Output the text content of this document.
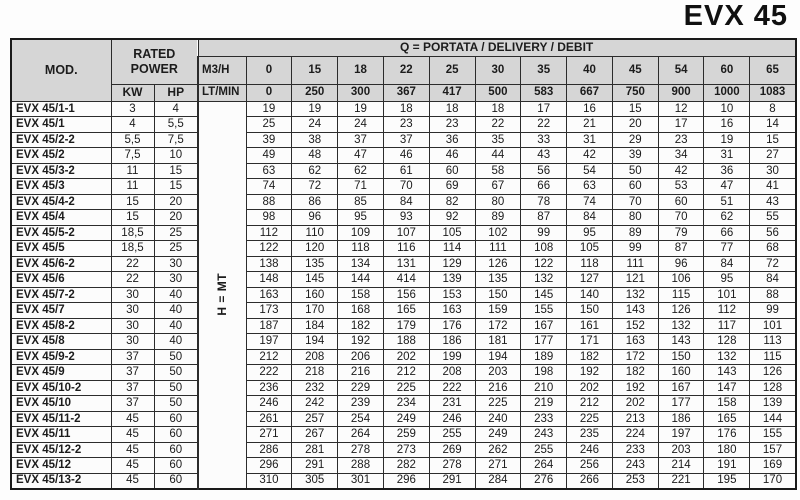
EVX 45
MOD.	RATED POWER		Q = PORTATA / DELIVERY / DEBIT												
			M3/H	0	15	18	22	25	30	35	40	45	54	60	65
	KW	HP	LT/MIN	0	250	300	367	417	500	583	667	750	900	1000	1083
EVX 45/1-1	3	4	H = MT	19	19	19	18	18	18	17	16	15	12	10	8
EVX 45/1	4	5,5		25	24	24	23	23	22	22	21	20	17	16	14
EVX 45/2-2	5,5	7,5		39	38	37	37	36	35	33	31	29	23	19	15
EVX 45/2	7,5	10		49	48	47	46	46	44	43	42	39	34	31	27
EVX 45/3-2	11	15		63	62	62	61	60	58	56	54	50	42	36	30
EVX 45/3	11	15		74	72	71	70	69	67	66	63	60	53	47	41
EVX 45/4-2	15	20		88	86	85	84	82	80	78	74	70	60	51	43
EVX 45/4	15	20		98	96	95	93	92	89	87	84	80	70	62	55
EVX 45/5-2	18,5	25		112	110	109	107	105	102	99	95	89	79	66	56
EVX 45/5	18,5	25		122	120	118	116	114	111	108	105	99	87	77	68
EVX 45/6-2	22	30		138	135	134	131	129	126	122	118	111	96	84	72
EVX 45/6	22	30		148	145	144	414	139	135	132	127	121	106	95	84
EVX 45/7-2	30	40		163	160	158	156	153	150	145	140	132	115	101	88
EVX 45/7	30	40		173	170	168	165	163	159	155	150	143	126	112	99
EVX 45/8-2	30	40		187	184	182	179	176	172	167	161	152	132	117	101
EVX 45/8	30	40		197	194	192	188	186	181	177	171	163	143	128	113
EVX 45/9-2	37	50		212	208	206	202	199	194	189	182	172	150	132	115
EVX 45/9	37	50		222	218	216	212	208	203	198	192	182	160	143	126
EVX 45/10-2	37	50		236	232	229	225	222	216	210	202	192	167	147	128
EVX 45/10	37	50		246	242	239	234	231	225	219	212	202	177	158	139
EVX 45/11-2	45	60		261	257	254	249	246	240	233	225	213	186	165	144
EVX 45/11	45	60		271	267	264	259	255	249	243	235	224	197	176	155
EVX 45/12-2	45	60		286	281	278	273	269	262	255	246	233	203	180	157
EVX 45/12	45	60		296	291	288	282	278	271	264	256	243	214	191	169
EVX 45/13-2	45	60		310	305	301	296	291	284	276	266	253	221	195	170
